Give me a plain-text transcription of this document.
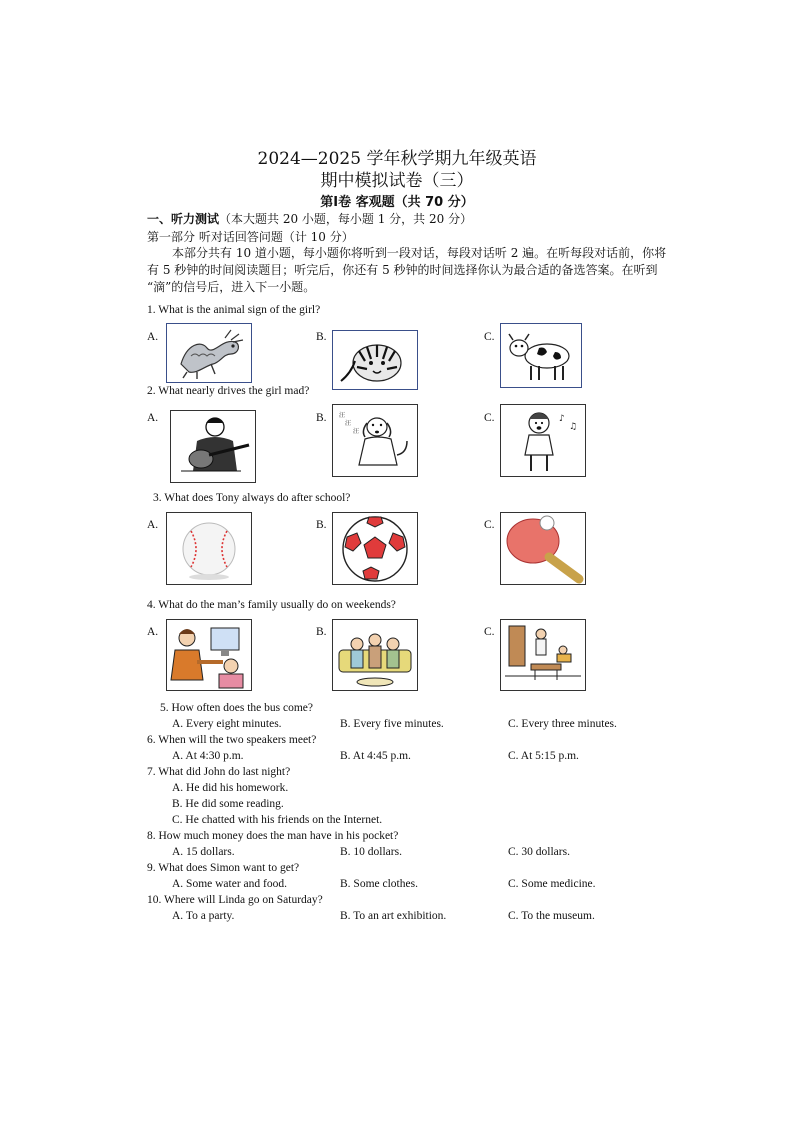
2024—2025 学年秋学期九年级英语
期中模拟试卷（三）
第Ⅰ卷 客观题（共 70 分）
一、听力测试（本大题共 20 小题，每小题 1 分，共 20 分）
第一部分 听对话回答问题（计 10 分）
本部分共有 10 道小题，每小题你将听到一段对话，每段对话听 2 遍。在听每段对话前，你将
有 5 秒钟的时间阅读题目；听完后，你还有 5 秒钟的时间选择你认为最合适的备选答案。在听到
“滴”的信号后，进入下一小题。
1. What is the animal sign of the girl?
A.	B.	C.
2. What nearly drives the girl mad?
A.	B.	C.
汪
汪
汪
♪
♫
3. What does Tony always do after school?
A.	B.	C.
4. What do the man’s family usually do on weekends?
A.	B.	C.
5. How often does the bus come?
A. Every eight minutes.	B. Every five minutes.	C. Every three minutes.
6. When will the two speakers meet?
A. At 4:30 p.m.	B. At 4:45 p.m.	C. At 5:15 p.m.
7. What did John do last night?
A. He did his homework.
B. He did some reading.
C. He chatted with his friends on the Internet.
8. How much money does the man have in his pocket?
A. 15 dollars.	B. 10 dollars.	C. 30 dollars.
9. What does Simon want to get?
A. Some water and food.	B. Some clothes.	C. Some medicine.
10. Where will Linda go on Saturday?
A. To a party.	B. To an art exhibition.	C. To the museum.
